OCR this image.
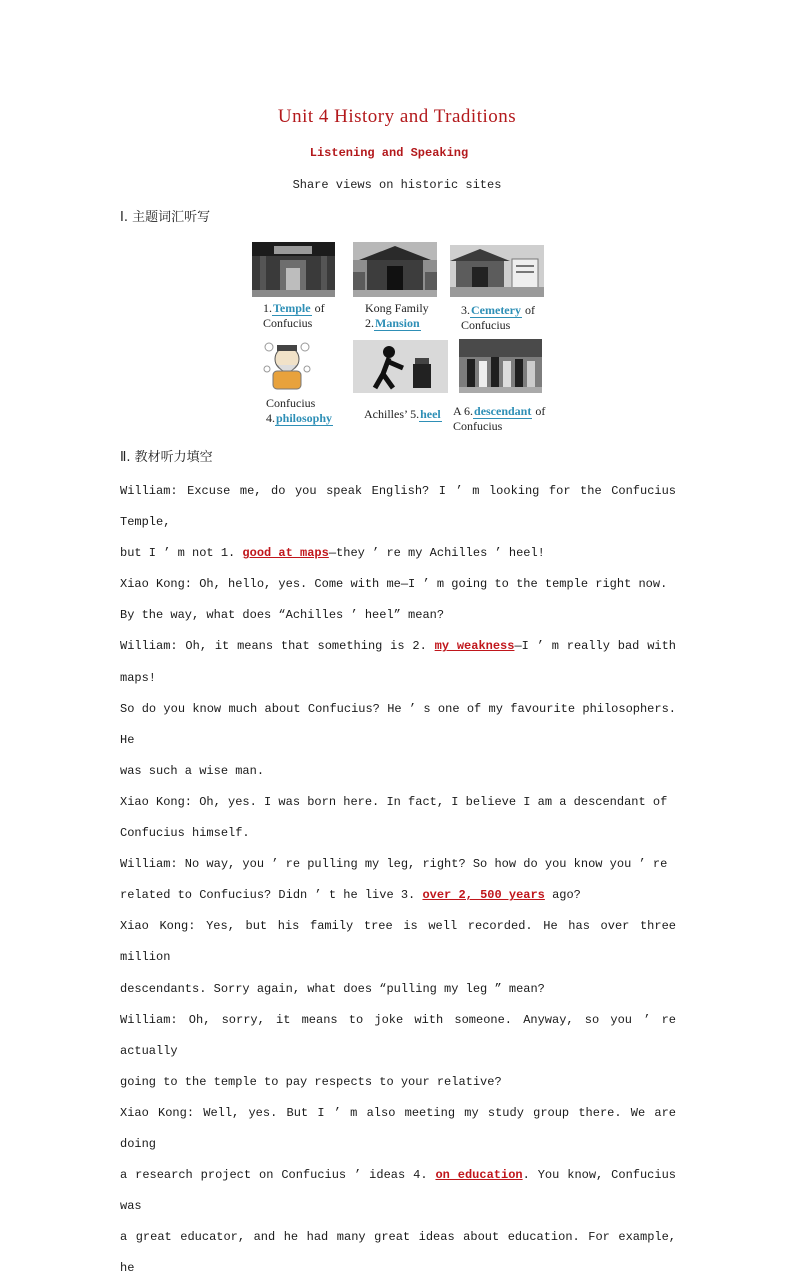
Unit 4 History and Traditions
Listening and Speaking
Share views on historic sites
Ⅰ. 主题词汇听写
1.Temple of
Confucius
Kong Family
2.Mansion
3.Cemetery of
Confucius
Confucius
4.philosophy	Achilles’ 5.heel A 6.descendant of
Confucius
Ⅱ. 教材听力填空

William: Excuse me, do you speak English? I ’ m looking for the Confucius Temple,

but I ’ m not 1. good at maps—they ’ re my Achilles ’ heel!

Xiao Kong: Oh, hello, yes. Come with me—I ’ m going to the temple right now.

By the way, what does “Achilles ’ heel” mean?

William: Oh, it means that something is 2. my weakness—I ’ m really bad with maps!

So do you know much about Confucius? He ’ s one of my favourite philosophers. He

was such a wise man.

Xiao Kong: Oh, yes. I was born here. In fact, I believe I am a descendant of

Confucius himself.

William: No way, you ’ re pulling my leg, right? So how do you know you ’ re

related to Confucius? Didn ’ t he live 3. over 2, 500 years ago?

Xiao Kong: Yes, but his family tree is well recorded. He has over three million

descendants. Sorry again, what does “pulling my leg ” mean?

William: Oh, sorry, it means to joke with someone. Anyway, so you ’ re actually

going to the temple to pay respects to your relative?

Xiao Kong: Well, yes. But I ’ m also meeting my study group there. We are doing

a research project on Confucius ’ ideas 4. on education. You know, Confucius was

a great educator, and he had many great ideas about education. For example, he
